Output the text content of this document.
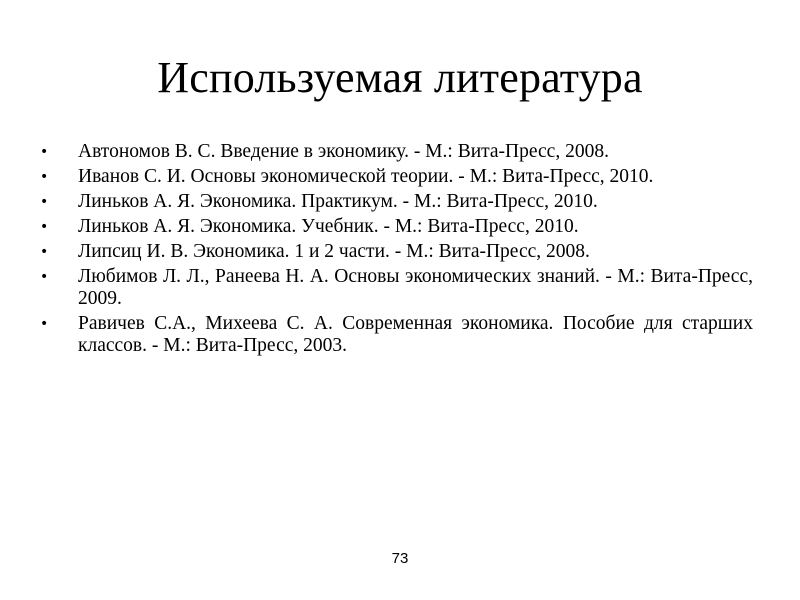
Используемая литература
•	Автономов В. С. Введение в экономику. - М.: Вита-Пресс, 2008.
•	Иванов С. И. Основы экономической теории. - М.: Вита-Пресс, 2010.
•	Линьков А. Я. Экономика. Практикум. - М.: Вита-Пресс, 2010.
•	Линьков А. Я. Экономика. Учебник. - М.: Вита-Пресс, 2010.
•	Липсиц И. В. Экономика. 1 и 2 части. - М.: Вита-Пресс, 2008.
•	Любимов Л. Л., Ранеева Н. А. Основы экономических знаний. - М.: Вита-Пресс, 2009.
•	Равичев С.А., Михеева С. А. Современная экономика. Пособие для старших классов. - М.: Вита-Пресс, 2003.
73
